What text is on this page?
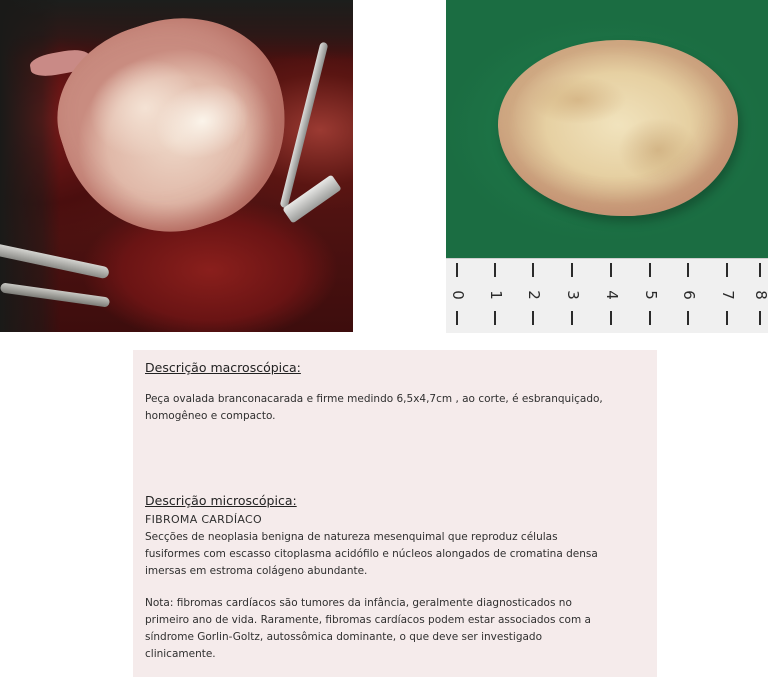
0 1 2 3 4 5 6 7 8
Descrição macroscópica:
Peça ovalada branconacarada e firme medindo 6,5x4,7cm , ao corte, é esbranquiçado,
homogêneo e compacto.
Descrição microscópica:
FIBROMA CARDÍACO
Secções de neoplasia benigna de natureza mesenquimal que reproduz células
fusiformes com escasso citoplasma acidófilo e núcleos alongados de cromatina densa
imersas em estroma colágeno abundante.
Nota: fibromas cardíacos são tumores da infância, geralmente diagnosticados no
primeiro ano de vida. Raramente, fibromas cardíacos podem estar associados com a
síndrome Gorlin-Goltz, autossômica dominante, o que deve ser investigado
clinicamente.
